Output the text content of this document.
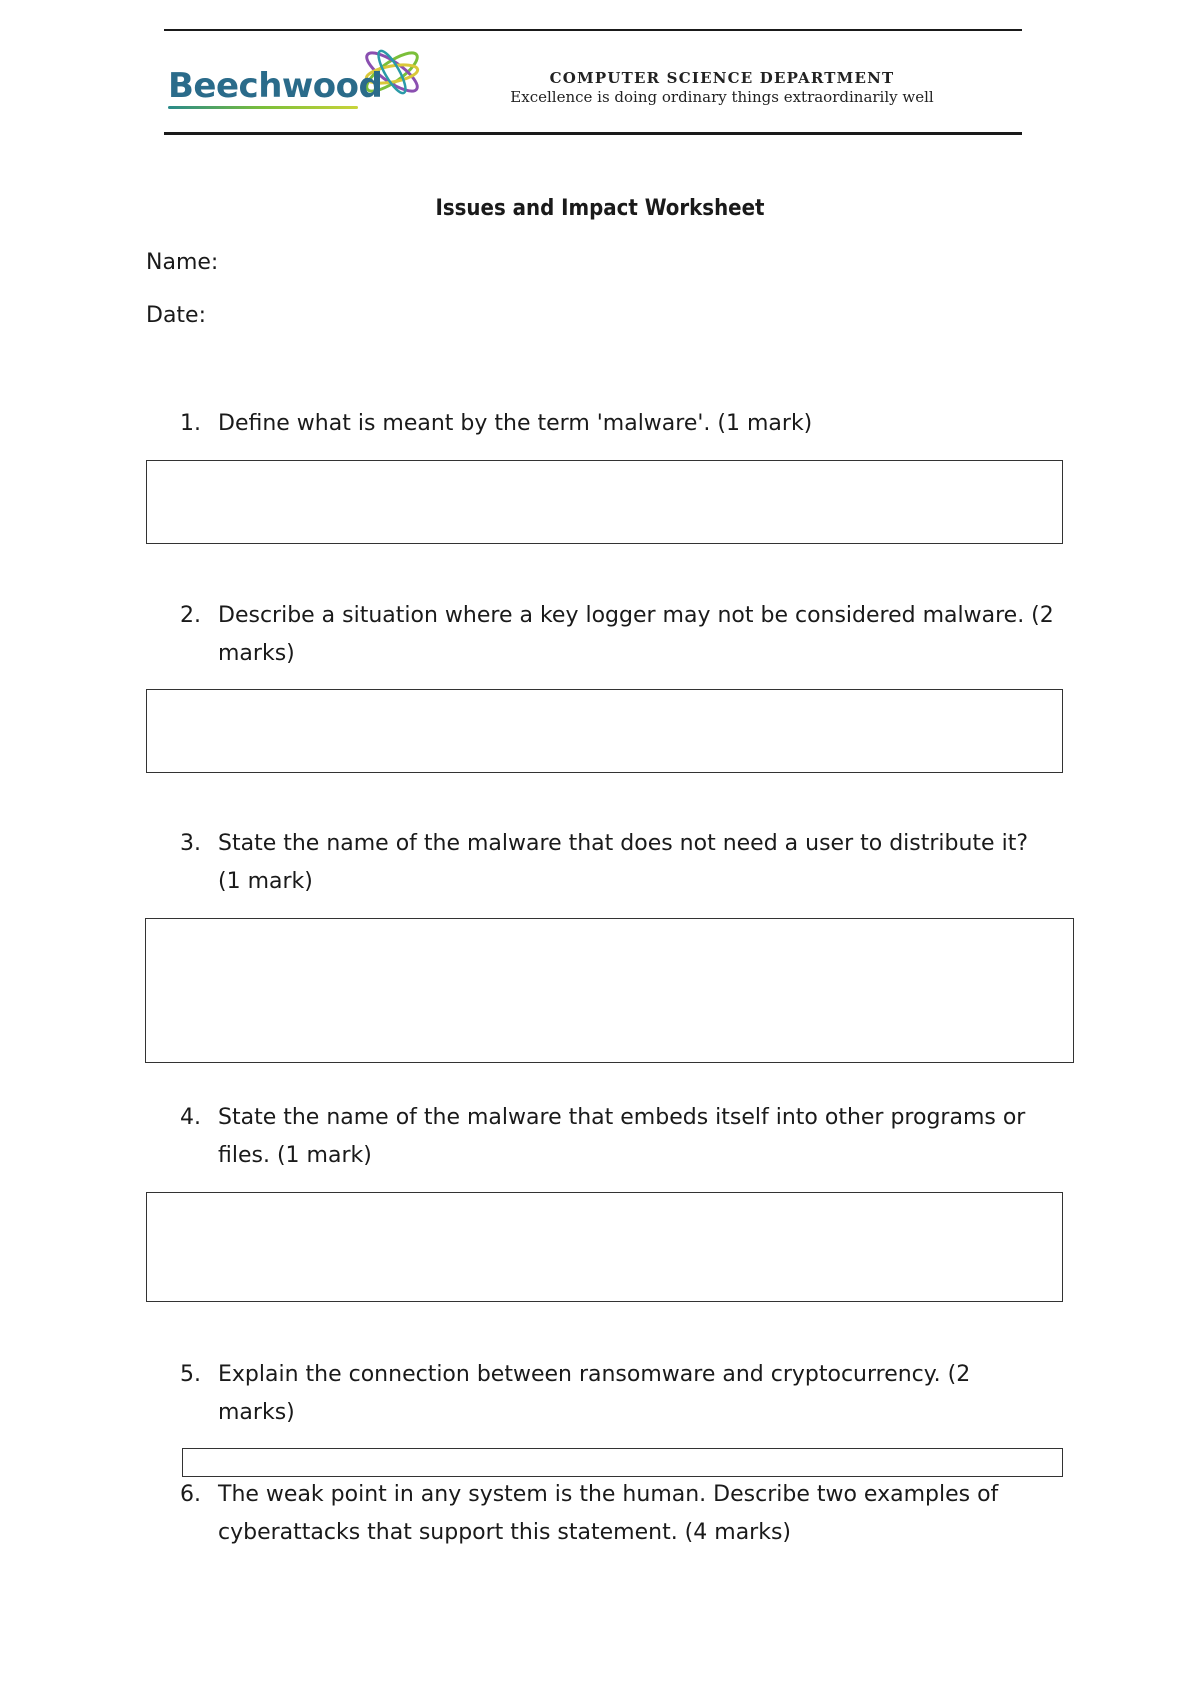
Beechwood	COMPUTER SCIENCE DEPARTMENT
Excellence is doing ordinary things extraordinarily well
Issues and Impact Worksheet
Name:
Date:
1. Define what is meant by the term 'malware'. (1 mark)
2. Describe a situation where a key logger may not be considered malware. (2 marks)
3. State the name of the malware that does not need a user to distribute it? (1 mark)
4. State the name of the malware that embeds itself into other programs or files. (1 mark)
5. Explain the connection between ransomware and cryptocurrency. (2 marks)
6. The weak point in any system is the human. Describe two examples of cyberattacks that support this statement. (4 marks)
